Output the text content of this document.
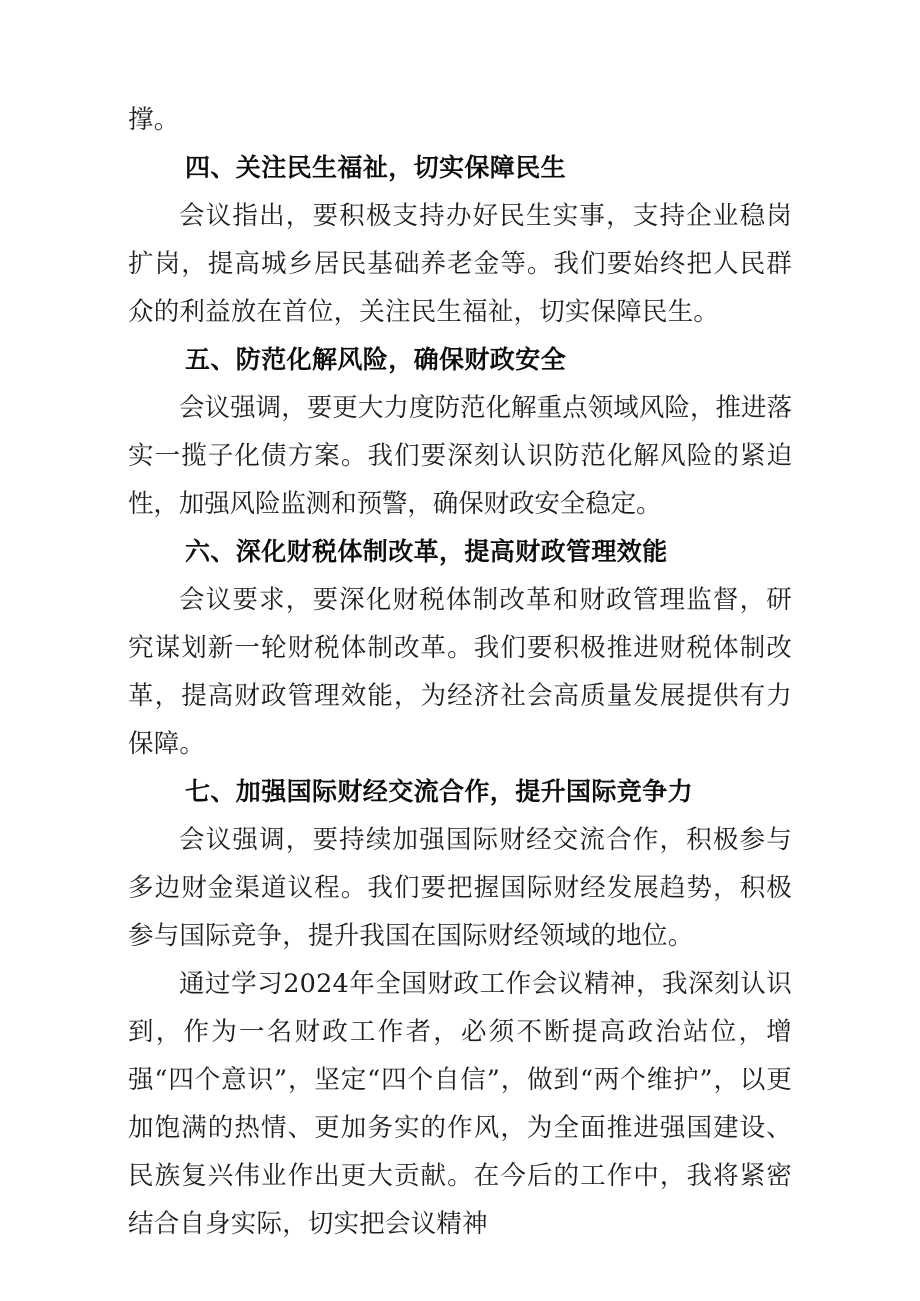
撑。

四、关注民生福祉，切实保障民生

会议指出，要积极支持办好民生实事，支持企业稳岗扩岗，提高城乡居民基础养老金等。我们要始终把人民群众的利益放在首位，关注民生福祉，切实保障民生。

五、防范化解风险，确保财政安全

会议强调，要更大力度防范化解重点领域风险，推进落实一揽子化债方案。我们要深刻认识防范化解风险的紧迫性，加强风险监测和预警，确保财政安全稳定。

六、深化财税体制改革，提高财政管理效能

会议要求，要深化财税体制改革和财政管理监督，研究谋划新一轮财税体制改革。我们要积极推进财税体制改革，提高财政管理效能，为经济社会高质量发展提供有力保障。

七、加强国际财经交流合作，提升国际竞争力

会议强调，要持续加强国际财经交流合作，积极参与多边财金渠道议程。我们要把握国际财经发展趋势，积极参与国际竞争，提升我国在国际财经领域的地位。

通过学习2024年全国财政工作会议精神，我深刻认识到，作为一名财政工作者，必须不断提高政治站位，增强“四个意识”，坚定“四个自信”，做到“两个维护”，以更加饱满的热情、更加务实的作风，为全面推进强国建设、民族复兴伟业作出更大贡献。在今后的工作中，我将紧密结合自身实际，切实把会议精神
